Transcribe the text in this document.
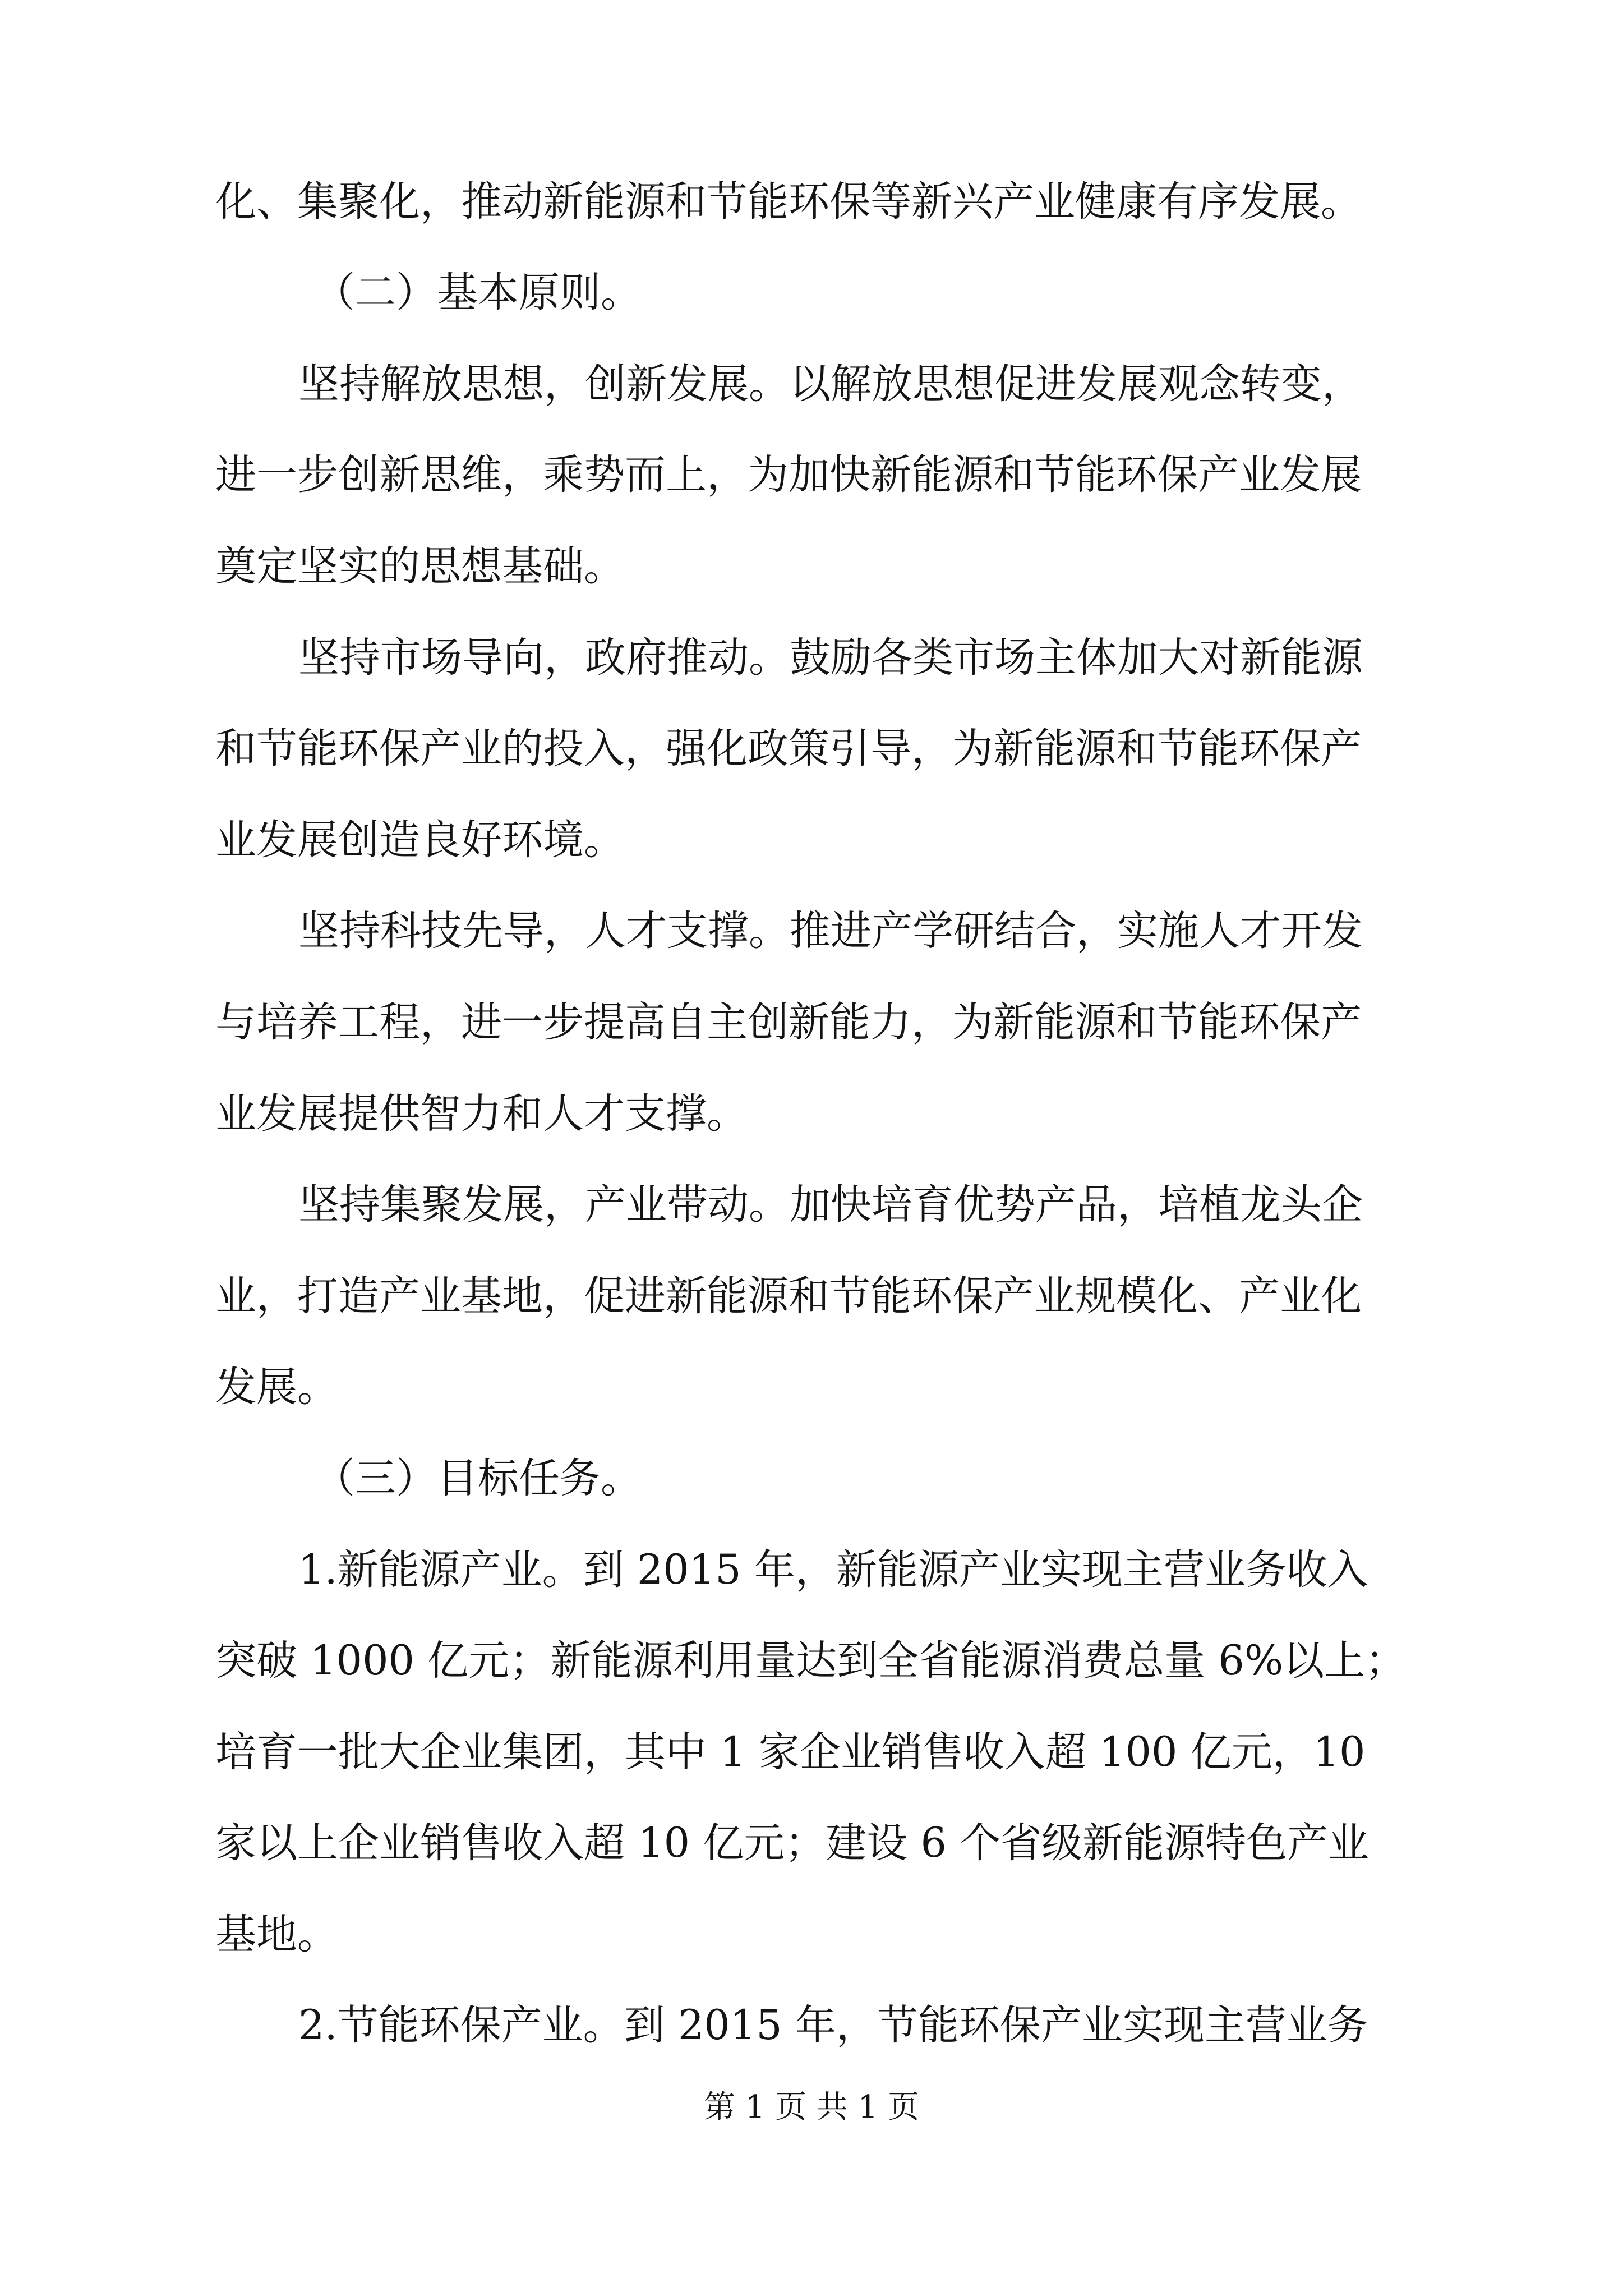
化、集聚化，推动新能源和节能环保等新兴产业健康有序发展。
（二）基本原则。
坚持解放思想，创新发展。以解放思想促进发展观念转变，
进一步创新思维，乘势而上，为加快新能源和节能环保产业发展
奠定坚实的思想基础。
坚持市场导向，政府推动。鼓励各类市场主体加大对新能源
和节能环保产业的投入，强化政策引导，为新能源和节能环保产
业发展创造良好环境。
坚持科技先导，人才支撑。推进产学研结合，实施人才开发
与培养工程，进一步提高自主创新能力，为新能源和节能环保产
业发展提供智力和人才支撑。
坚持集聚发展，产业带动。加快培育优势产品，培植龙头企
业，打造产业基地，促进新能源和节能环保产业规模化、产业化
发展。
（三）目标任务。
1.新能源产业。到 2015 年，新能源产业实现主营业务收入
突破 1000 亿元；新能源利用量达到全省能源消费总量 6%以上；
培育一批大企业集团，其中 1 家企业销售收入超 100 亿元，10
家以上企业销售收入超 10 亿元；建设 6 个省级新能源特色产业
基地。
2.节能环保产业。到 2015 年，节能环保产业实现主营业务
第 1 页 共 1 页
